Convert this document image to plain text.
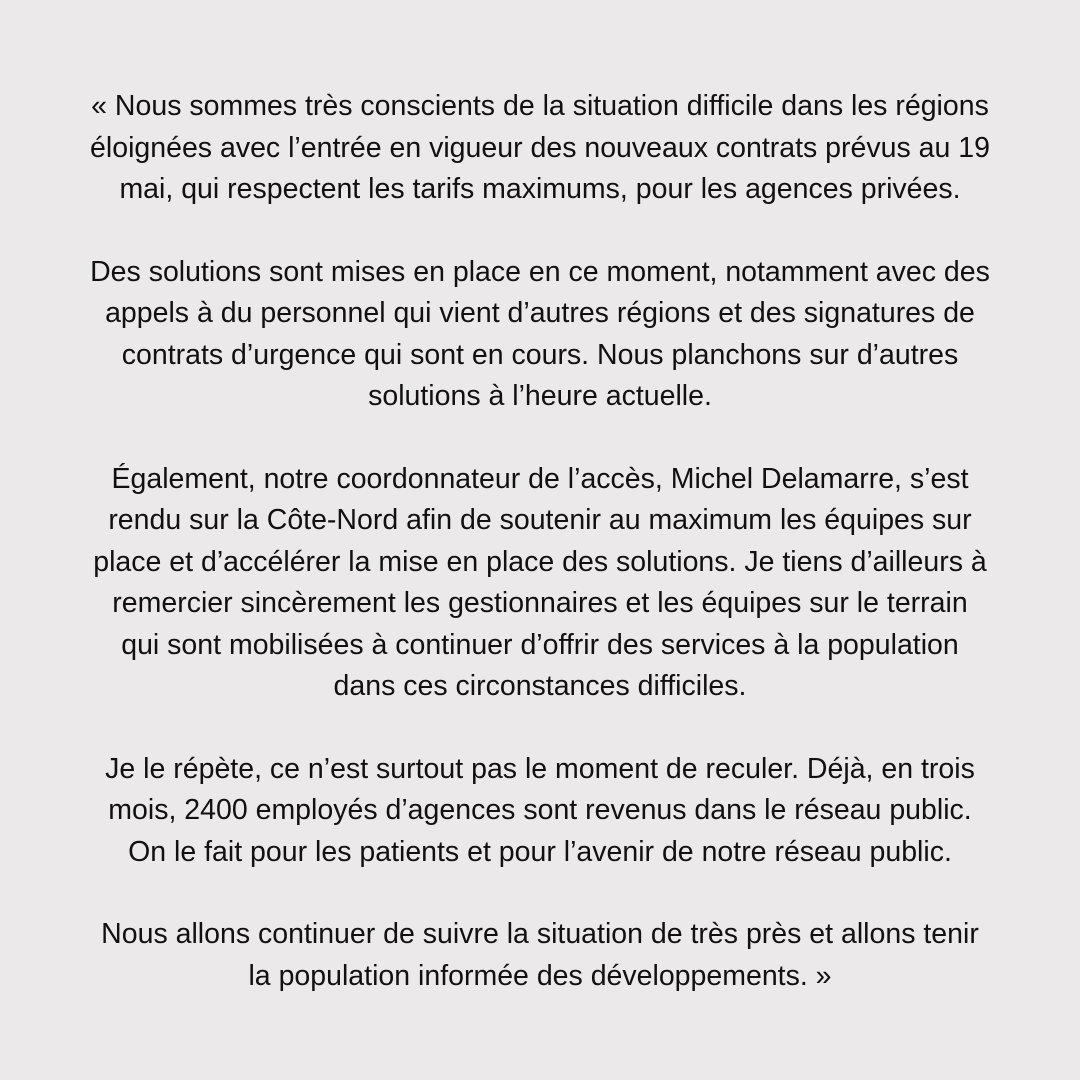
« Nous sommes très conscients de la situation difficile dans les régions
éloignées avec l’entrée en vigueur des nouveaux contrats prévus au 19
mai, qui respectent les tarifs maximums, pour les agences privées.

Des solutions sont mises en place en ce moment, notamment avec des
appels à du personnel qui vient d’autres régions et des signatures de
contrats d’urgence qui sont en cours. Nous planchons sur d’autres
solutions à l’heure actuelle.

Également, notre coordonnateur de l’accès, Michel Delamarre, s’est
rendu sur la Côte-Nord afin de soutenir au maximum les équipes sur
place et d’accélérer la mise en place des solutions. Je tiens d’ailleurs à
remercier sincèrement les gestionnaires et les équipes sur le terrain
qui sont mobilisées à continuer d’offrir des services à la population
dans ces circonstances difficiles.

Je le répète, ce n’est surtout pas le moment de reculer. Déjà, en trois
mois, 2400 employés d’agences sont revenus dans le réseau public.
On le fait pour les patients et pour l’avenir de notre réseau public.

Nous allons continuer de suivre la situation de très près et allons tenir
la population informée des développements. »
